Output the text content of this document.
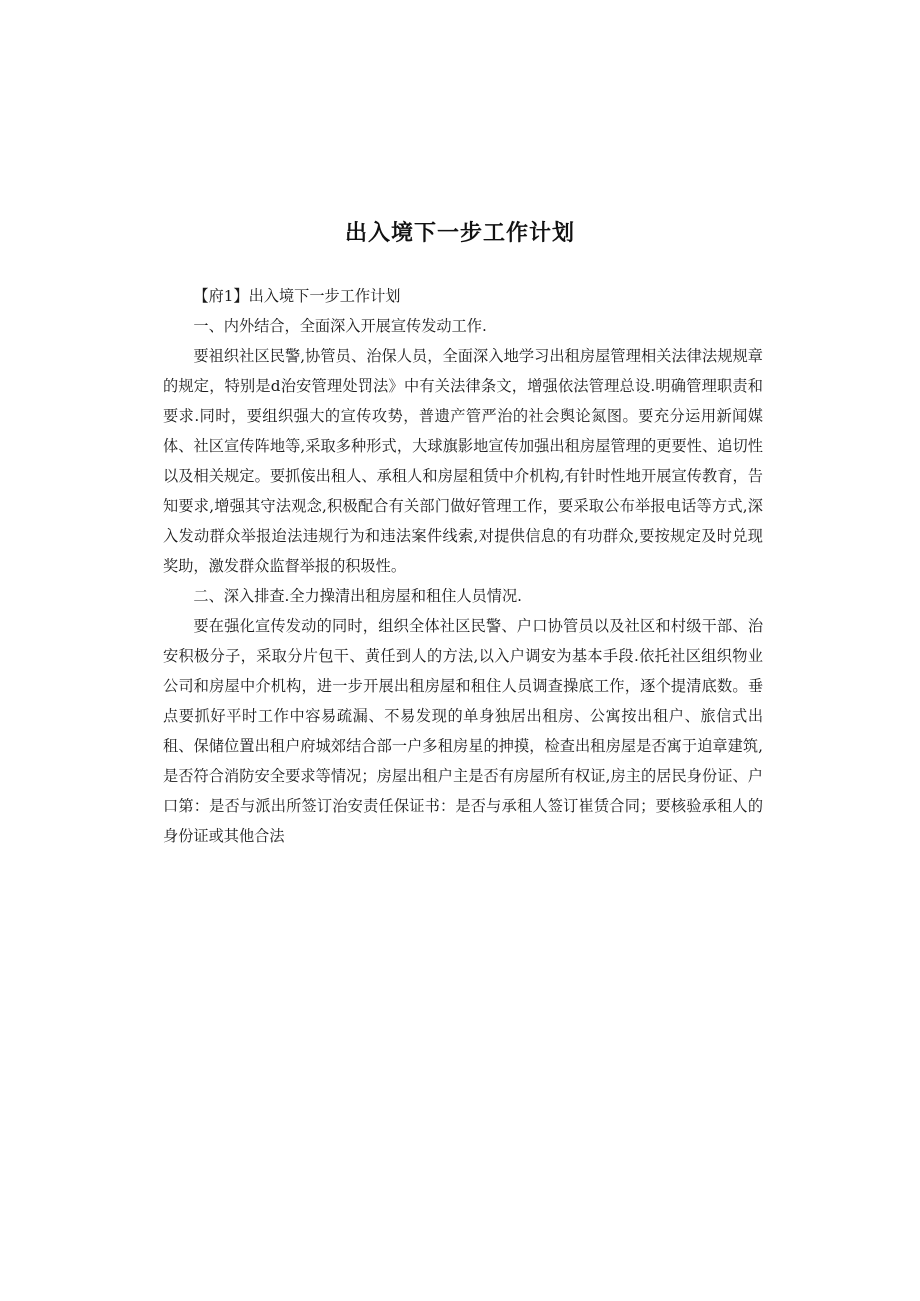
出入境下一步工作计划

【府1】出入境下一步工作计划

一、内外结合，全面深入开展宣传发动工作.

要祖织社区民警,协管员、治保人员，全面深入地学习出租房屋管理相关法律法规规章的规定，特别是d治安管理处罚法》中有关法律条文，增强依法管理总设.明确管理职责和要求.同时，要组织强大的宣传攻势，普遗产管严治的社会舆论氮图。要充分运用新闻媒体、社区宣传阵地等,采取多种形式，大球旗影地宣传加强出租房屋管理的更要性、追切性以及相关规定。要抓侫出租人、承租人和房屋租赁中介机构,有针时性地开展宣传教育，告知要求,增强其守法观念,积极配合有关部门做好管理工作，要采取公布举报电话等方式,深入发动群众举报迨法违规行为和违法案件线索,对提供信息的有功群众,要按规定及时兑现奖助，激发群众监督举报的积圾性。

二、深入排查.全力操清出租房屋和租住人员情况.

要在强化宣传发动的同时，组织全体社区民警、户口协管员以及社区和村级干部、治安积极分子，采取分片包干、黄任到人的方法,以入户调安为基本手段.依托社区组织物业公司和房屋中介机构，进一步开展出租房屋和租住人员调查操底工作，逐个提清底数。垂点要抓好平时工作中容易疏漏、不易发现的单身独居出租房、公寓按出租户、旅信式出租、保储位置出租户府城郊结合部一户多租房星的抻摸，检查出租房屋是否寓于迫章建筑,是否符合消防安全要求等情况；房屋出租户主是否有房屋所有权证,房主的居民身份证、户口第：是否与派出所签订治安责任保证书：是否与承租人签订崔赁合同；要核验承租人的身份证或其他合法
